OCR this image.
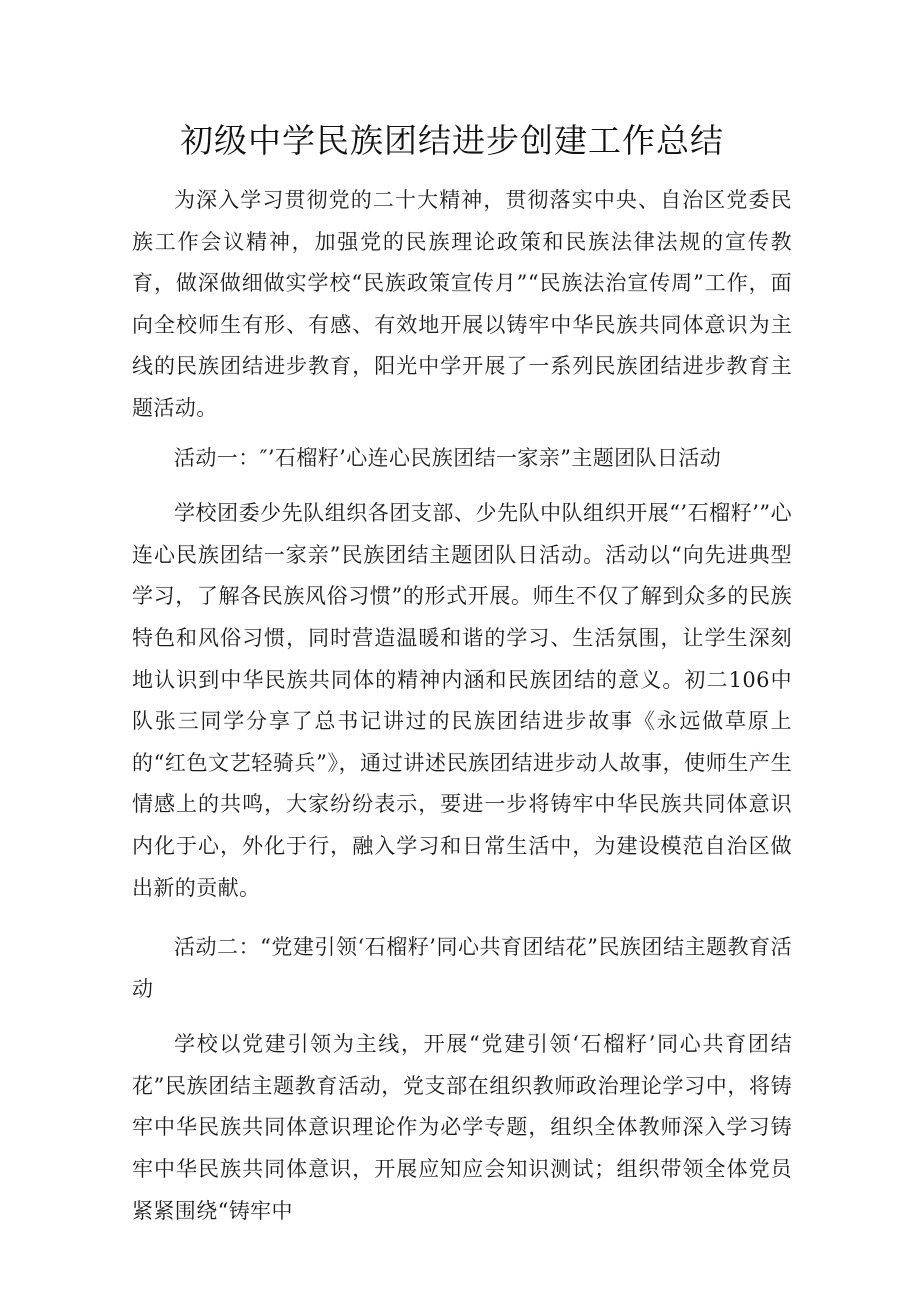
初级中学民族团结进步创建工作总结

为深入学习贯彻党的二十大精神，贯彻落实中央、自治区党委民族工作会议精神，加强党的民族理论政策和民族法律法规的宣传教育，做深做细做实学校“民族政策宣传月”“民族法治宣传周”工作，面向全校师生有形、有感、有效地开展以铸牢中华民族共同体意识为主线的民族团结进步教育，阳光中学开展了一系列民族团结进步教育主题活动。

活动一：″’石榴籽’心连心民族团结一家亲”主题团队日活动

学校团委少先队组织各团支部、少先队中队组织开展“’石榴籽’”心连心民族团结一家亲”民族团结主题团队日活动。活动以“向先进典型学习，了解各民族风俗习惯”的形式开展。师生不仅了解到众多的民族特色和风俗习惯，同时营造温暖和谐的学习、生活氛围，让学生深刻地认识到中华民族共同体的精神内涵和民族团结的意义。初二106中队张三同学分享了总书记讲过的民族团结进步故事《永远做草原上的“红色文艺轻骑兵”》，通过讲述民族团结进步动人故事，使师生产生情感上的共鸣，大家纷纷表示，要进一步将铸牢中华民族共同体意识内化于心，外化于行，融入学习和日常生活中，为建设模范自治区做出新的贡献。

活动二：“党建引领‘石榴籽’同心共育团结花”民族团结主题教育活动

学校以党建引领为主线，开展“党建引领‘石榴籽’同心共育团结花”民族团结主题教育活动，党支部在组织教师政治理论学习中，将铸牢中华民族共同体意识理论作为必学专题，组织全体教师深入学习铸牢中华民族共同体意识，开展应知应会知识测试；组织带领全体党员紧紧围绕“铸牢中
